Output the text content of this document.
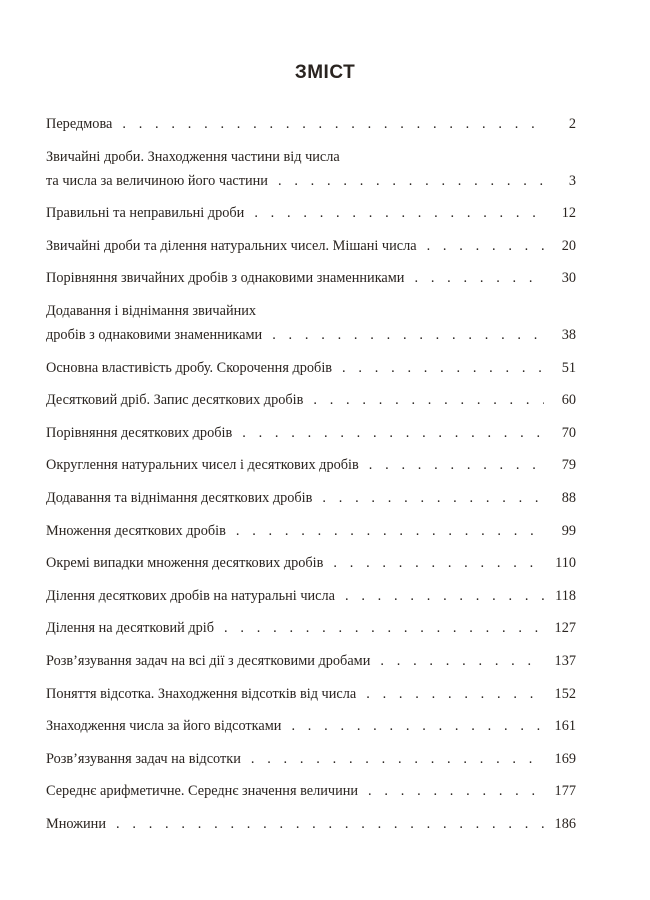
ЗМІСТ
Передмова . . .	2
Звичайні дроби. Знаходження частини від числа
та числа за величиною його частини . . .	3
Правильні та неправильні дроби . . .	12
Звичайні дроби та ділення натуральних чисел. Мішані числа . . .	20
Порівняння звичайних дробів з однаковими знаменниками . . .	30
Додавання і віднімання звичайних
дробів з однаковими знаменниками . . .	38
Основна властивість дробу. Скорочення дробів . . .	51
Десятковий дріб. Запис десяткових дробів . . .	60
Порівняння десяткових дробів . . .	70
Округлення натуральних чисел і десяткових дробів . . .	79
Додавання та віднімання десяткових дробів . . .	88
Множення десяткових дробів . . .	99
Окремі випадки множення десяткових дробів . . .	110
Ділення десяткових дробів на натуральні числа . . .	118
Ділення на десятковий дріб . . .	127
Розв’язування задач на всі дії з десятковими дробами . . .	137
Поняття відсотка. Знаходження відсотків від числа . . .	152
Знаходження числа за його відсотками . . .	161
Розв’язування задач на відсотки . . .	169
Середнє арифметичне. Середнє значення величини . . .	177
Множини . . .	186
